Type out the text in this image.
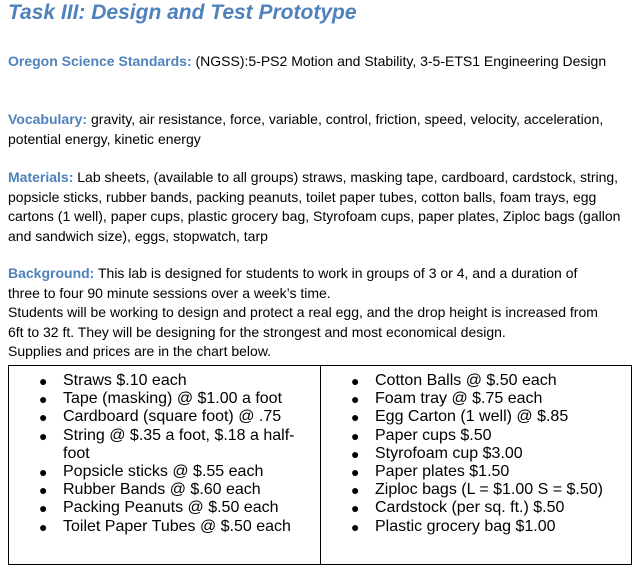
Task III: Design and Test Prototype
Oregon Science Standards: (NGSS):5-PS2 Motion and Stability, 3-5-ETS1 Engineering Design
Vocabulary: gravity, air resistance, force, variable, control, friction, speed, velocity, acceleration, potential energy, kinetic energy
Materials: Lab sheets, (available to all groups) straws, masking tape, cardboard, cardstock, string, popsicle sticks, rubber bands, packing peanuts, toilet paper tubes, cotton balls, foam trays, egg cartons (1 well), paper cups, plastic grocery bag, Styrofoam cups, paper plates, Ziploc bags (gallon and sandwich size), eggs, stopwatch, tarp
Background: This lab is designed for students to work in groups of 3 or 4, and a duration of
three to four 90 minute sessions over a week’s time.
Students will be working to design and protect a real egg, and the drop height is increased from
6ft to 32 ft. They will be designing for the strongest and most economical design.
Supplies and prices are in the chart below.
● Straws $.10 each
● Tape (masking) @ $1.00 a foot
● Cardboard (square foot) @ .75
● String @ $.35 a foot, $.18 a half-foot
● Popsicle sticks @ $.55 each
● Rubber Bands @ $.60 each
● Packing Peanuts @ $.50 each
● Toilet Paper Tubes @ $.50 each
● Cotton Balls @ $.50 each
● Foam tray @ $.75 each
● Egg Carton (1 well) @ $.85
● Paper cups $.50
● Styrofoam cup $3.00
● Paper plates $1.50
● Ziploc bags (L = $1.00 S = $.50)
● Cardstock (per sq. ft.) $.50
● Plastic grocery bag $1.00
